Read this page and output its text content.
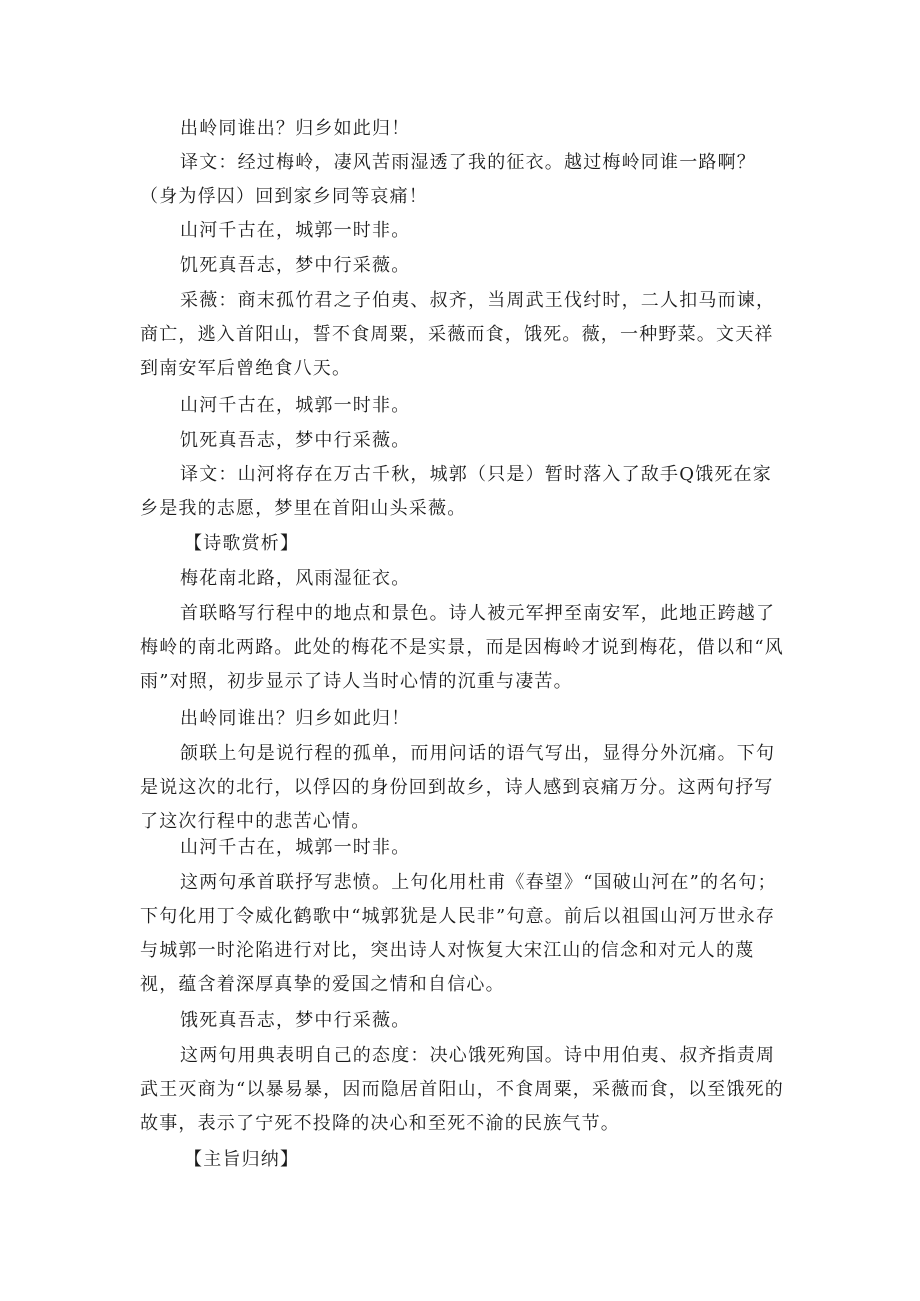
出岭同谁出？归乡如此归！

译文：经过梅岭，凄风苦雨湿透了我的征衣。越过梅岭同谁一路啊？（身为俘囚）回到家乡同等哀痛！

山河千古在，城郭一时非。

饥死真吾志，梦中行采薇。

采薇：商末孤竹君之子伯夷、叔齐，当周武王伐纣时，二人扣马而谏，商亡，逃入首阳山，誓不食周粟，采薇而食，饿死。薇，一种野菜。文天祥到南安军后曾绝食八天。

山河千古在，城郭一时非。

饥死真吾志，梦中行采薇。

译文：山河将存在万古千秋，城郭（只是）暂时落入了敌手Q饿死在家乡是我的志愿，梦里在首阳山头采薇。

【诗歌赏析】

梅花南北路，风雨湿征衣。

首联略写行程中的地点和景色。诗人被元军押至南安军，此地正跨越了梅岭的南北两路。此处的梅花不是实景，而是因梅岭才说到梅花，借以和“风雨”对照，初步显示了诗人当时心情的沉重与凄苦。

出岭同谁出？归乡如此归！

颌联上句是说行程的孤单，而用问话的语气写出，显得分外沉痛。下句是说这次的北行，以俘囚的身份回到故乡，诗人感到哀痛万分。这两句抒写了这次行程中的悲苦心情。

山河千古在，城郭一时非。

这两句承首联抒写悲愤。上句化用杜甫《春望》“国破山河在”的名句；下句化用丁令威化鹤歌中“城郭犹是人民非”句意。前后以祖国山河万世永存与城郭一时沦陷进行对比，突出诗人对恢复大宋江山的信念和对元人的蔑视，蕴含着深厚真挚的爱国之情和自信心。

饿死真吾志，梦中行采薇。

这两句用典表明自己的态度：决心饿死殉国。诗中用伯夷、叔齐指责周武王灭商为“以暴易暴，因而隐居首阳山，不食周粟，采薇而食，以至饿死的故事，表示了宁死不投降的决心和至死不渝的民族气节。

【主旨归纳】
